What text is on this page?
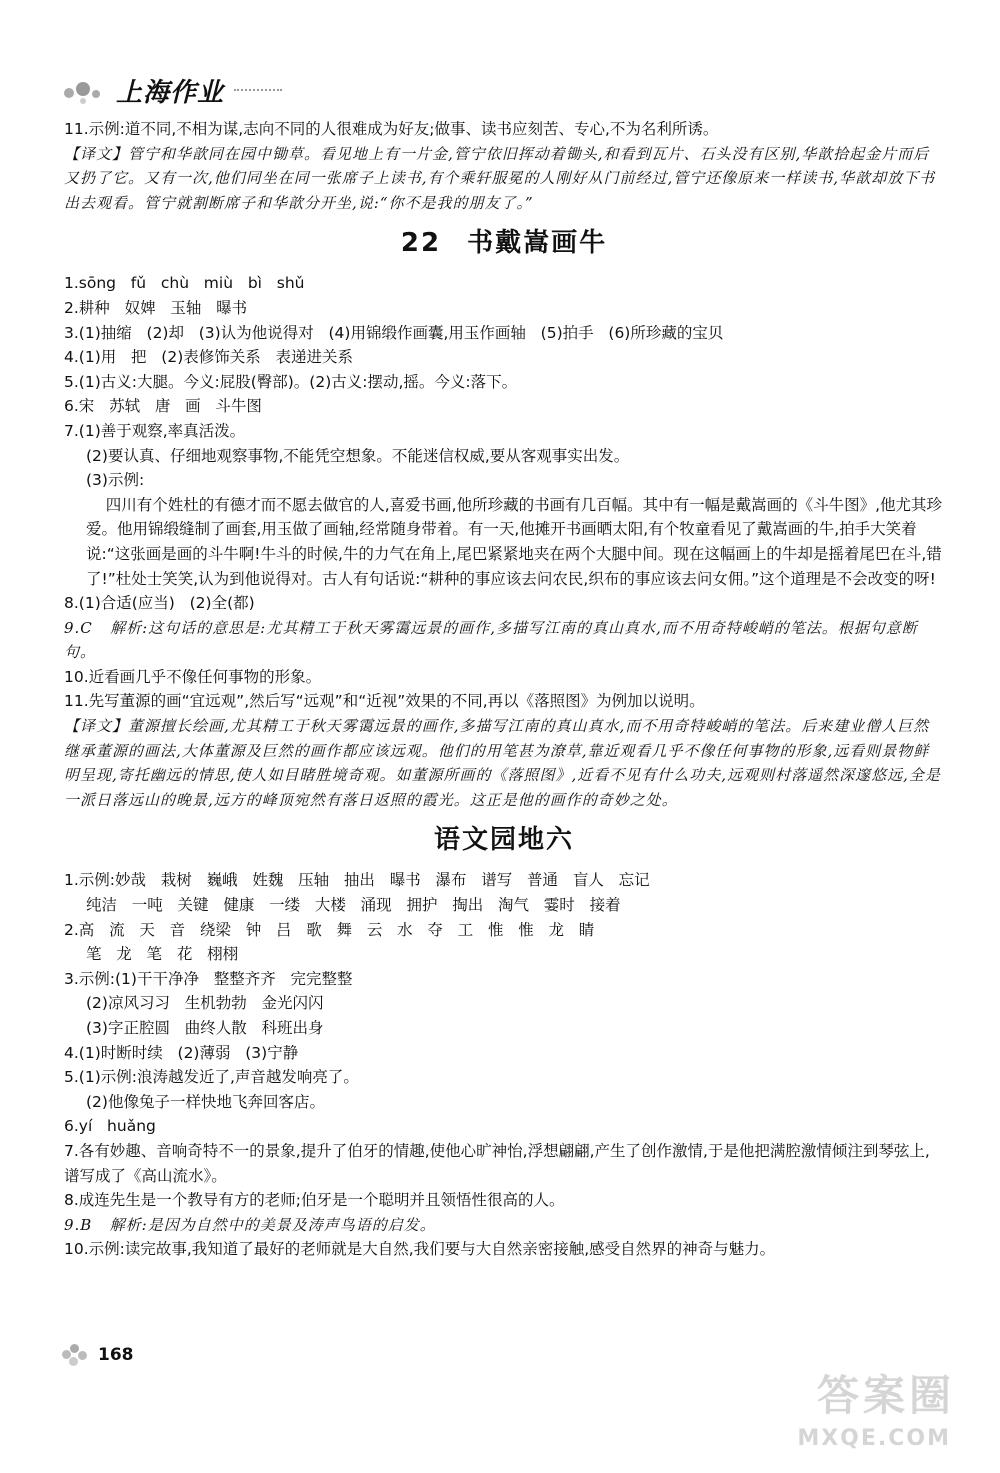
上海作业

11.示例:道不同,不相为谋,志向不同的人很难成为好友;做事、读书应刻苦、专心,不为名利所诱。

【译文】管宁和华歆同在园中锄草。看见地上有一片金,管宁依旧挥动着锄头,和看到瓦片、石头没有区别,华歆拾起金片而后又扔了它。又有一次,他们同坐在同一张席子上读书,有个乘轩服冕的人刚好从门前经过,管宁还像原来一样读书,华歆却放下书出去观看。管宁就割断席子和华歆分开坐,说:“你不是我的朋友了。”

22 书戴嵩画牛

1.sōng   fǔ   chù   miù   bì   shǔ

2.耕种   奴婢   玉轴   曝书

3.(1)抽缩   (2)却   (3)认为他说得对   (4)用锦缎作画囊,用玉作画轴   (5)拍手   (6)所珍藏的宝贝

4.(1)用   把   (2)表修饰关系   表递进关系

5.(1)古义:大腿。今义:屁股(臀部)。(2)古义:摆动,摇。今义:落下。

6.宋   苏轼   唐   画   斗牛图

7.(1)善于观察,率真活泼。

(2)要认真、仔细地观察事物,不能凭空想象。不能迷信权威,要从客观事实出发。

(3)示例:

四川有个姓杜的有德才而不愿去做官的人,喜爱书画,他所珍藏的书画有几百幅。其中有一幅是戴嵩画的《斗牛图》,他尤其珍爱。他用锦缎缝制了画套,用玉做了画轴,经常随身带着。有一天,他摊开书画晒太阳,有个牧童看见了戴嵩画的牛,拍手大笑着说:“这张画是画的斗牛啊!牛斗的时候,牛的力气在角上,尾巴紧紧地夹在两个大腿中间。现在这幅画上的牛却是摇着尾巴在斗,错了!”杜处士笑笑,认为到他说得对。古人有句话说:“耕种的事应该去问农民,织布的事应该去问女佣。”这个道理是不会改变的呀!

8.(1)合适(应当)   (2)全(都)

9.C   解析:这句话的意思是:尤其精工于秋天雾霭远景的画作,多描写江南的真山真水,而不用奇特峻峭的笔法。根据句意断句。

10.近看画几乎不像任何事物的形象。

11.先写董源的画“宜远观”,然后写“远观”和“近视”效果的不同,再以《落照图》为例加以说明。

【译文】董源擅长绘画,尤其精工于秋天雾霭远景的画作,多描写江南的真山真水,而不用奇特峻峭的笔法。后来建业僧人巨然继承董源的画法,大体董源及巨然的画作都应该远观。他们的用笔甚为潦草,靠近观看几乎不像任何事物的形象,远看则景物鲜明呈现,寄托幽远的情思,使人如目睹胜境奇观。如董源所画的《落照图》,近看不见有什么功夫,远观则村落遥然深邃悠远,全是一派日落远山的晚景,远方的峰顶宛然有落日返照的霞光。这正是他的画作的奇妙之处。

语文园地六

1.示例:妙哉   栽树   巍峨   姓魏   压轴   抽出   曝书   瀑布   谱写   普通   盲人   忘记

纯洁   一吨   关键   健康   一缕   大楼   涌现   拥护   掏出   淘气   霎时   接着

2.高   流   天   音   绕梁   钟   吕   歌   舞   云   水   夺   工   惟   惟   龙   睛

笔   龙   笔   花   栩栩

3.示例:(1)干干净净   整整齐齐   完完整整

(2)凉风习习   生机勃勃   金光闪闪

(3)字正腔圆   曲终人散   科班出身

4.(1)时断时续   (2)薄弱   (3)宁静

5.(1)示例:浪涛越发近了,声音越发响亮了。

(2)他像兔子一样快地飞奔回客店。

6.yí   huǎng

7.各有妙趣、音响奇特不一的景象,提升了伯牙的情趣,使他心旷神怡,浮想翩翩,产生了创作激情,于是他把满腔激情倾注到琴弦上,谱写成了《高山流水》。

8.成连先生是一个教导有方的老师;伯牙是一个聪明并且领悟性很高的人。

9.B   解析:是因为自然中的美景及涛声鸟语的启发。

10.示例:读完故事,我知道了最好的老师就是大自然,我们要与大自然亲密接触,感受自然界的神奇与魅力。

168
答案圈
MXQE.COM
